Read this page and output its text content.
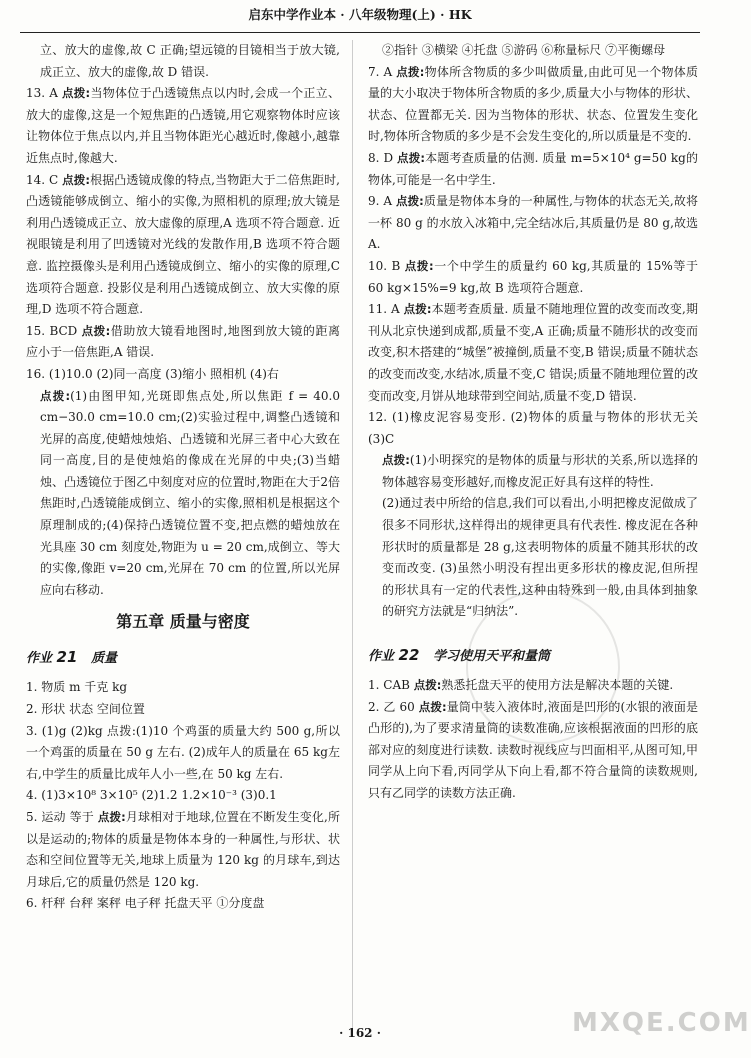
启东中学作业本 · 八年级物理(上) · HK

立、放大的虚像,故 C 正确;望远镜的目镜相当于放大镜,成正立、放大的虚像,故 D 错误.

13. A 点拨:当物体位于凸透镜焦点以内时,会成一个正立、放大的虚像,这是一个短焦距的凸透镜,用它观察物体时应该让物体位于焦点以内,并且当物体距光心越近时,像越小,越靠近焦点时,像越大.

14. C 点拨:根据凸透镜成像的特点,当物距大于二倍焦距时,凸透镜能够成倒立、缩小的实像,为照相机的原理;放大镜是利用凸透镜成正立、放大虚像的原理,A 选项不符合题意. 近视眼镜是利用了凹透镜对光线的发散作用,B 选项不符合题意. 监控摄像头是利用凸透镜成倒立、缩小的实像的原理,C 选项符合题意. 投影仪是利用凸透镜成倒立、放大实像的原理,D 选项不符合题意.

15. BCD 点拨:借助放大镜看地图时,地图到放大镜的距离应小于一倍焦距,A 错误.

16. (1)10.0 (2)同一高度 (3)缩小 照相机 (4)右

点拨:(1)由图甲知,光斑即焦点处,所以焦距 f = 40.0 cm−30.0 cm=10.0 cm;(2)实验过程中,调整凸透镜和光屏的高度,使蜡烛烛焰、凸透镜和光屏三者中心大致在同一高度,目的是使烛焰的像成在光屏的中央;(3)当蜡烛、凸透镜位于图乙中刻度对应的位置时,物距在大于2倍焦距时,凸透镜能成倒立、缩小的实像,照相机是根据这个原理制成的;(4)保持凸透镜位置不变,把点燃的蜡烛放在光具座 30 cm 刻度处,物距为 u = 20 cm,成倒立、等大的实像,像距 v=20 cm,光屏在 70 cm 的位置,所以光屏应向右移动.

第五章 质量与密度
作业 21 质量

1. 物质 m 千克 kg

2. 形状 状态 空间位置

3. (1)g (2)kg 点拨:(1)10 个鸡蛋的质量大约 500 g,所以一个鸡蛋的质量在 50 g 左右. (2)成年人的质量在 65 kg左右,中学生的质量比成年人小一些,在 50 kg 左右.

4. (1)3×10⁸ 3×10⁵ (2)1.2 1.2×10⁻³ (3)0.1

5. 运动 等于 点拨:月球相对于地球,位置在不断发生变化,所以是运动的;物体的质量是物体本身的一种属性,与形状、状态和空间位置等无关,地球上质量为 120 kg 的月球车,到达月球后,它的质量仍然是 120 kg.

6. 杆秤 台秤 案秤 电子秤 托盘天平 ①分度盘

②指针 ③横梁 ④托盘 ⑤游码 ⑥称量标尺 ⑦平衡螺母

7. A 点拨:物体所含物质的多少叫做质量,由此可见一个物体质量的大小取决于物体所含物质的多少,质量大小与物体的形状、状态、位置都无关. 因为当物体的形状、状态、位置发生变化时,物体所含物质的多少是不会发生变化的,所以质量是不变的.

8. D 点拨:本题考查质量的估测. 质量 m=5×10⁴ g=50 kg的物体,可能是一名中学生.

9. A 点拨:质量是物体本身的一种属性,与物体的状态无关,故将一杯 80 g 的水放入冰箱中,完全结冰后,其质量仍是 80 g,故选 A.

10. B 点拨:一个中学生的质量约 60 kg,其质量的 15%等于60 kg×15%=9 kg,故 B 选项符合题意.

11. A 点拨:本题考查质量. 质量不随地理位置的改变而改变,期刊从北京快递到成都,质量不变,A 正确;质量不随形状的改变而改变,积木搭建的“城堡”被撞倒,质量不变,B 错误;质量不随状态的改变而改变,水结冰,质量不变,C 错误;质量不随地理位置的改变而改变,月饼从地球带到空间站,质量不变,D 错误.

12. (1)橡皮泥容易变形. (2)物体的质量与物体的形状无关 (3)C

点拨:(1)小明探究的是物体的质量与形状的关系,所以选择的物体越容易变形越好,而橡皮泥正好具有这样的特性.

(2)通过表中所给的信息,我们可以看出,小明把橡皮泥做成了很多不同形状,这样得出的规律更具有代表性. 橡皮泥在各种形状时的质量都是 28 g,这表明物体的质量不随其形状的改变而改变. (3)虽然小明没有捏出更多形状的橡皮泥,但所捏的形状具有一定的代表性,这种由特殊到一般,由具体到抽象的研究方法就是“归纳法”.

作业 22 学习使用天平和量筒

1. CAB 点拨:熟悉托盘天平的使用方法是解决本题的关键.

2. 乙 60 点拨:量筒中装入液体时,液面是凹形的(水银的液面是凸形的),为了要求清量筒的读数准确,应该根据液面的凹形的底部对应的刻度进行读数. 读数时视线应与凹面相平,从图可知,甲同学从上向下看,丙同学从下向上看,都不符合量筒的读数规则,只有乙同学的读数方法正确.

MXQE.COM
· 162 ·
